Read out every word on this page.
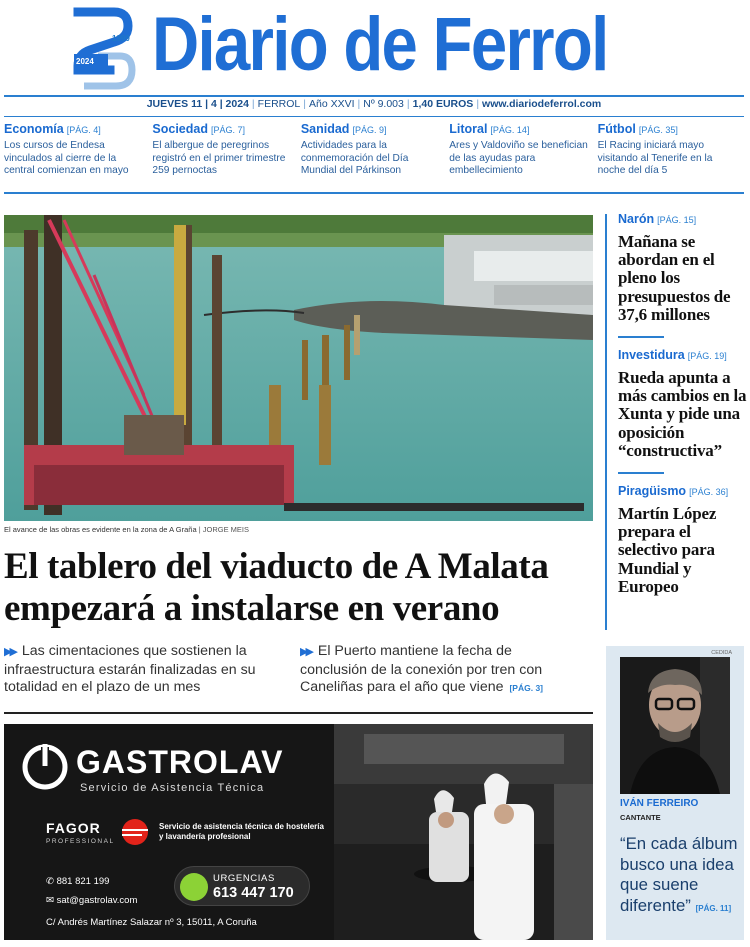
1999
2024 Diario de Ferrol
JUEVES 11 | 4 | 2024 | FERROL | Año XXVI | Nº 9.003 | 1,40 EUROS | www.diariodeferrol.com
Economía [PÁG. 4]
Los cursos de Endesa vinculados al cierre de la central comienzan en mayo
Sociedad [PÁG. 7]
El albergue de peregrinos registró en el primer trimestre 259 pernoctas
Sanidad [PÁG. 9]
Actividades para la conmemoración del Día Mundial del Párkinson
Litoral [PÁG. 14]
Ares y Valdoviño se benefician de las ayudas para embellecimiento
Fútbol [PÁG. 35]
El Racing iniciará mayo visitando al Tenerife en la noche del día 5
El avance de las obras es evidente en la zona de A Graña | JORGE MEIS
El tablero del viaducto de A Malata
empezará a instalarse en verano
▶▶ Las cimentaciones que sostienen la infraestructura estarán finalizadas en su totalidad en el plazo de un mes
▶▶ El Puerto mantiene la fecha de conclusión de la conexión por tren con Caneliñas para el año que viene [PÁG. 3]
GASTROLAV
Servicio de Asistencia Técnica
FAGOR
PROFESSIONAL
Servicio de asistencia técnica de hostelería y lavandería profesional
✆ 881 821 199
✉ sat@gastrolav.com
C/ Andrés Martínez Salazar nº 3, 15011, A Coruña
URGENCIAS
613 447 170
Narón [PÁG. 15]
Mañana se abordan en el pleno los presupuestos de 37,6 millones
Investidura [PÁG. 19]
Rueda apunta a más cambios en la Xunta y pide una oposición “constructiva”
Piragüismo [PÁG. 36]
Martín López prepara el selectivo para Mundial y Europeo
CEDIDA
IVÁN FERREIRO
CANTANTE
“En cada álbum busco una idea que suene diferente” [PÁG. 11]
